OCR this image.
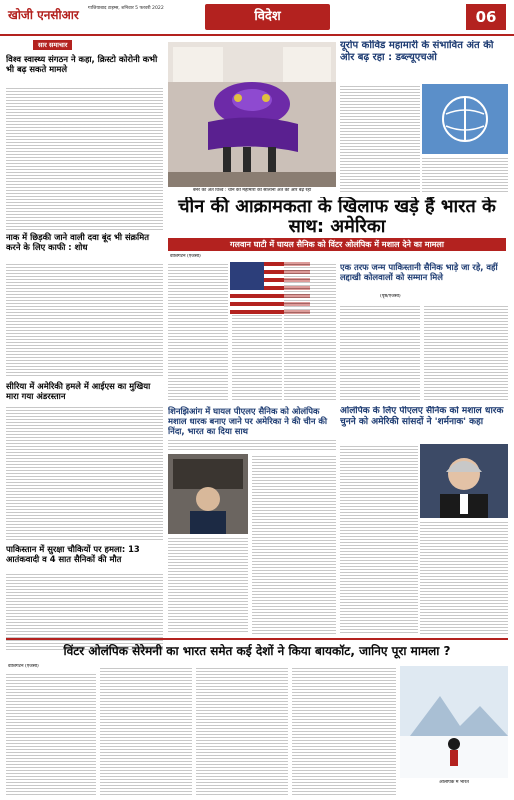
खोजी एनसीआर गाजियाबाद टाइम्स, शनिवार 5 फरवरी 2022
विदेश	06
सार समाचार
विश्व स्वास्थ्य संगठन ने कहा, क्रिस्टो कोरोनी कभी भी बढ़ सकते मामले
नाक में छिड़की जाने वाली दवा बूंद भी संक्रमित करने के लिए काफी : शोध
सीरिया में अमेरिकी हमले में आईएस का मुखिया मारा गया अंडरस्तान
पाकिस्तान में सुरक्षा चौकियों पर हमला: 13 आतंकवादी व 4 सात सैनिकों की मौत
बैनर का अंत विश्व : चीन की महामारी की सालाना अंत की ओर बढ़ रहा
चीन की आक्रामकता के खिलाफ खड़े हैं भारत के साथ: अमेरिका
गलवान घाटी में घायल सैनिक को विंटर ओलंपिक में मशाल देने का मामला
वाशिंगटन (एजेंसी)
यूरोप कोविड महामारी के संभावित अंत की ओर बढ़ रहा : डब्ल्यूएचओ
एक तरफ जन्म पाकिस्तानी सैनिक भाड़े जा रहे, वहीं लद्दाखी कोलवालों को सम्मान मिले
(पृष्ठ/एजेंसी)
शिनझिआंग में घायल पीएलए सैनिक को ओलंपिक मशाल धारक बनाए जाने पर अमेरिका ने की चीन की निंदा, भारत का दिया साथ
ओलंपिक के लिए पीएलए सैनिक को मशाल धारक चुनने को अमेरिकी सांसदों ने 'शर्मनाक' कहा
विंटर ओलंपिक सेरेमनी का भारत समेत कई देशों ने किया बायकॉट, जानिए पूरा मामला ?
वाशिंगटन (एजेंसी)
ओलंपिक में भारत
